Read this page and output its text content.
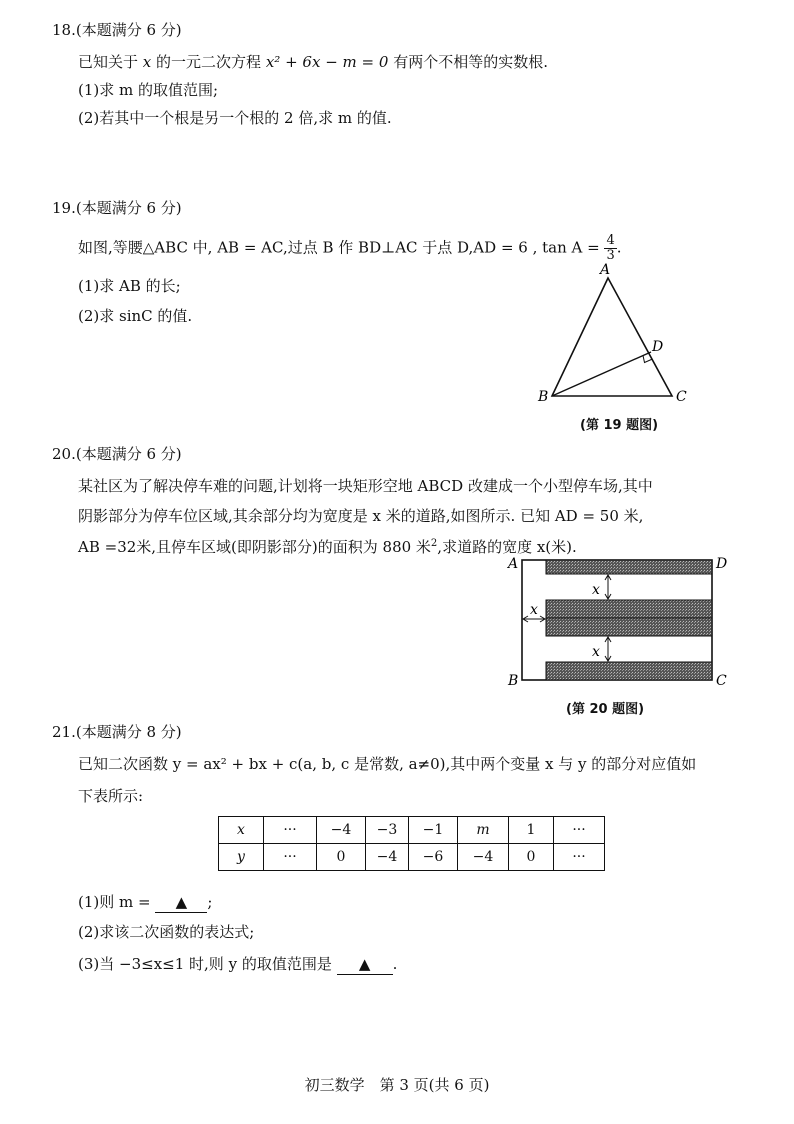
18.(本题满分 6 分)
已知关于 x 的一元二次方程 x² + 6x − m = 0 有两个不相等的实数根.
(1)求 m 的取值范围;
(2)若其中一个根是另一个根的 2 倍,求 m 的值.
19.(本题满分 6 分)
如图,等腰△ABC 中, AB = AC,过点 B 作 BD⊥AC 于点 D,AD = 6 , $\tan A = \frac{4}{3}$ .
(1)求 AB 的长;
(2)求 sinC 的值.
A
B	C
D
(第 19 题图)
20.(本题满分 6 分)
某社区为了解决停车难的问题,计划将一块矩形空地 ABCD 改建成一个小型停车场,其中
阴影部分为停车位区域,其余部分均为宽度是 x 米的道路,如图所示. 已知 AD = 50 米,
AB =32米,且停车区域(即阴影部分)的面积为 880 米$^2$,求道路的宽度 x(米).
A
B	C
D
x
x
x
(第 20 题图)
21.(本题满分 8 分)
已知二次函数 y = ax² + bx + c(a, b, c 是常数, a≠0),其中两个变量 x 与 y 的部分对应值如
下表所示:
x	···	−4	−3	−1	m	1	···
y	···	0	−4	−6	−4	0	···
(1)则 m = ▲ ;
(2)求该二次函数的表达式;
(3)当 −3≤x≤1 时,则 y 的取值范围是 ▲ .
初三数学　第 3 页(共 6 页)
